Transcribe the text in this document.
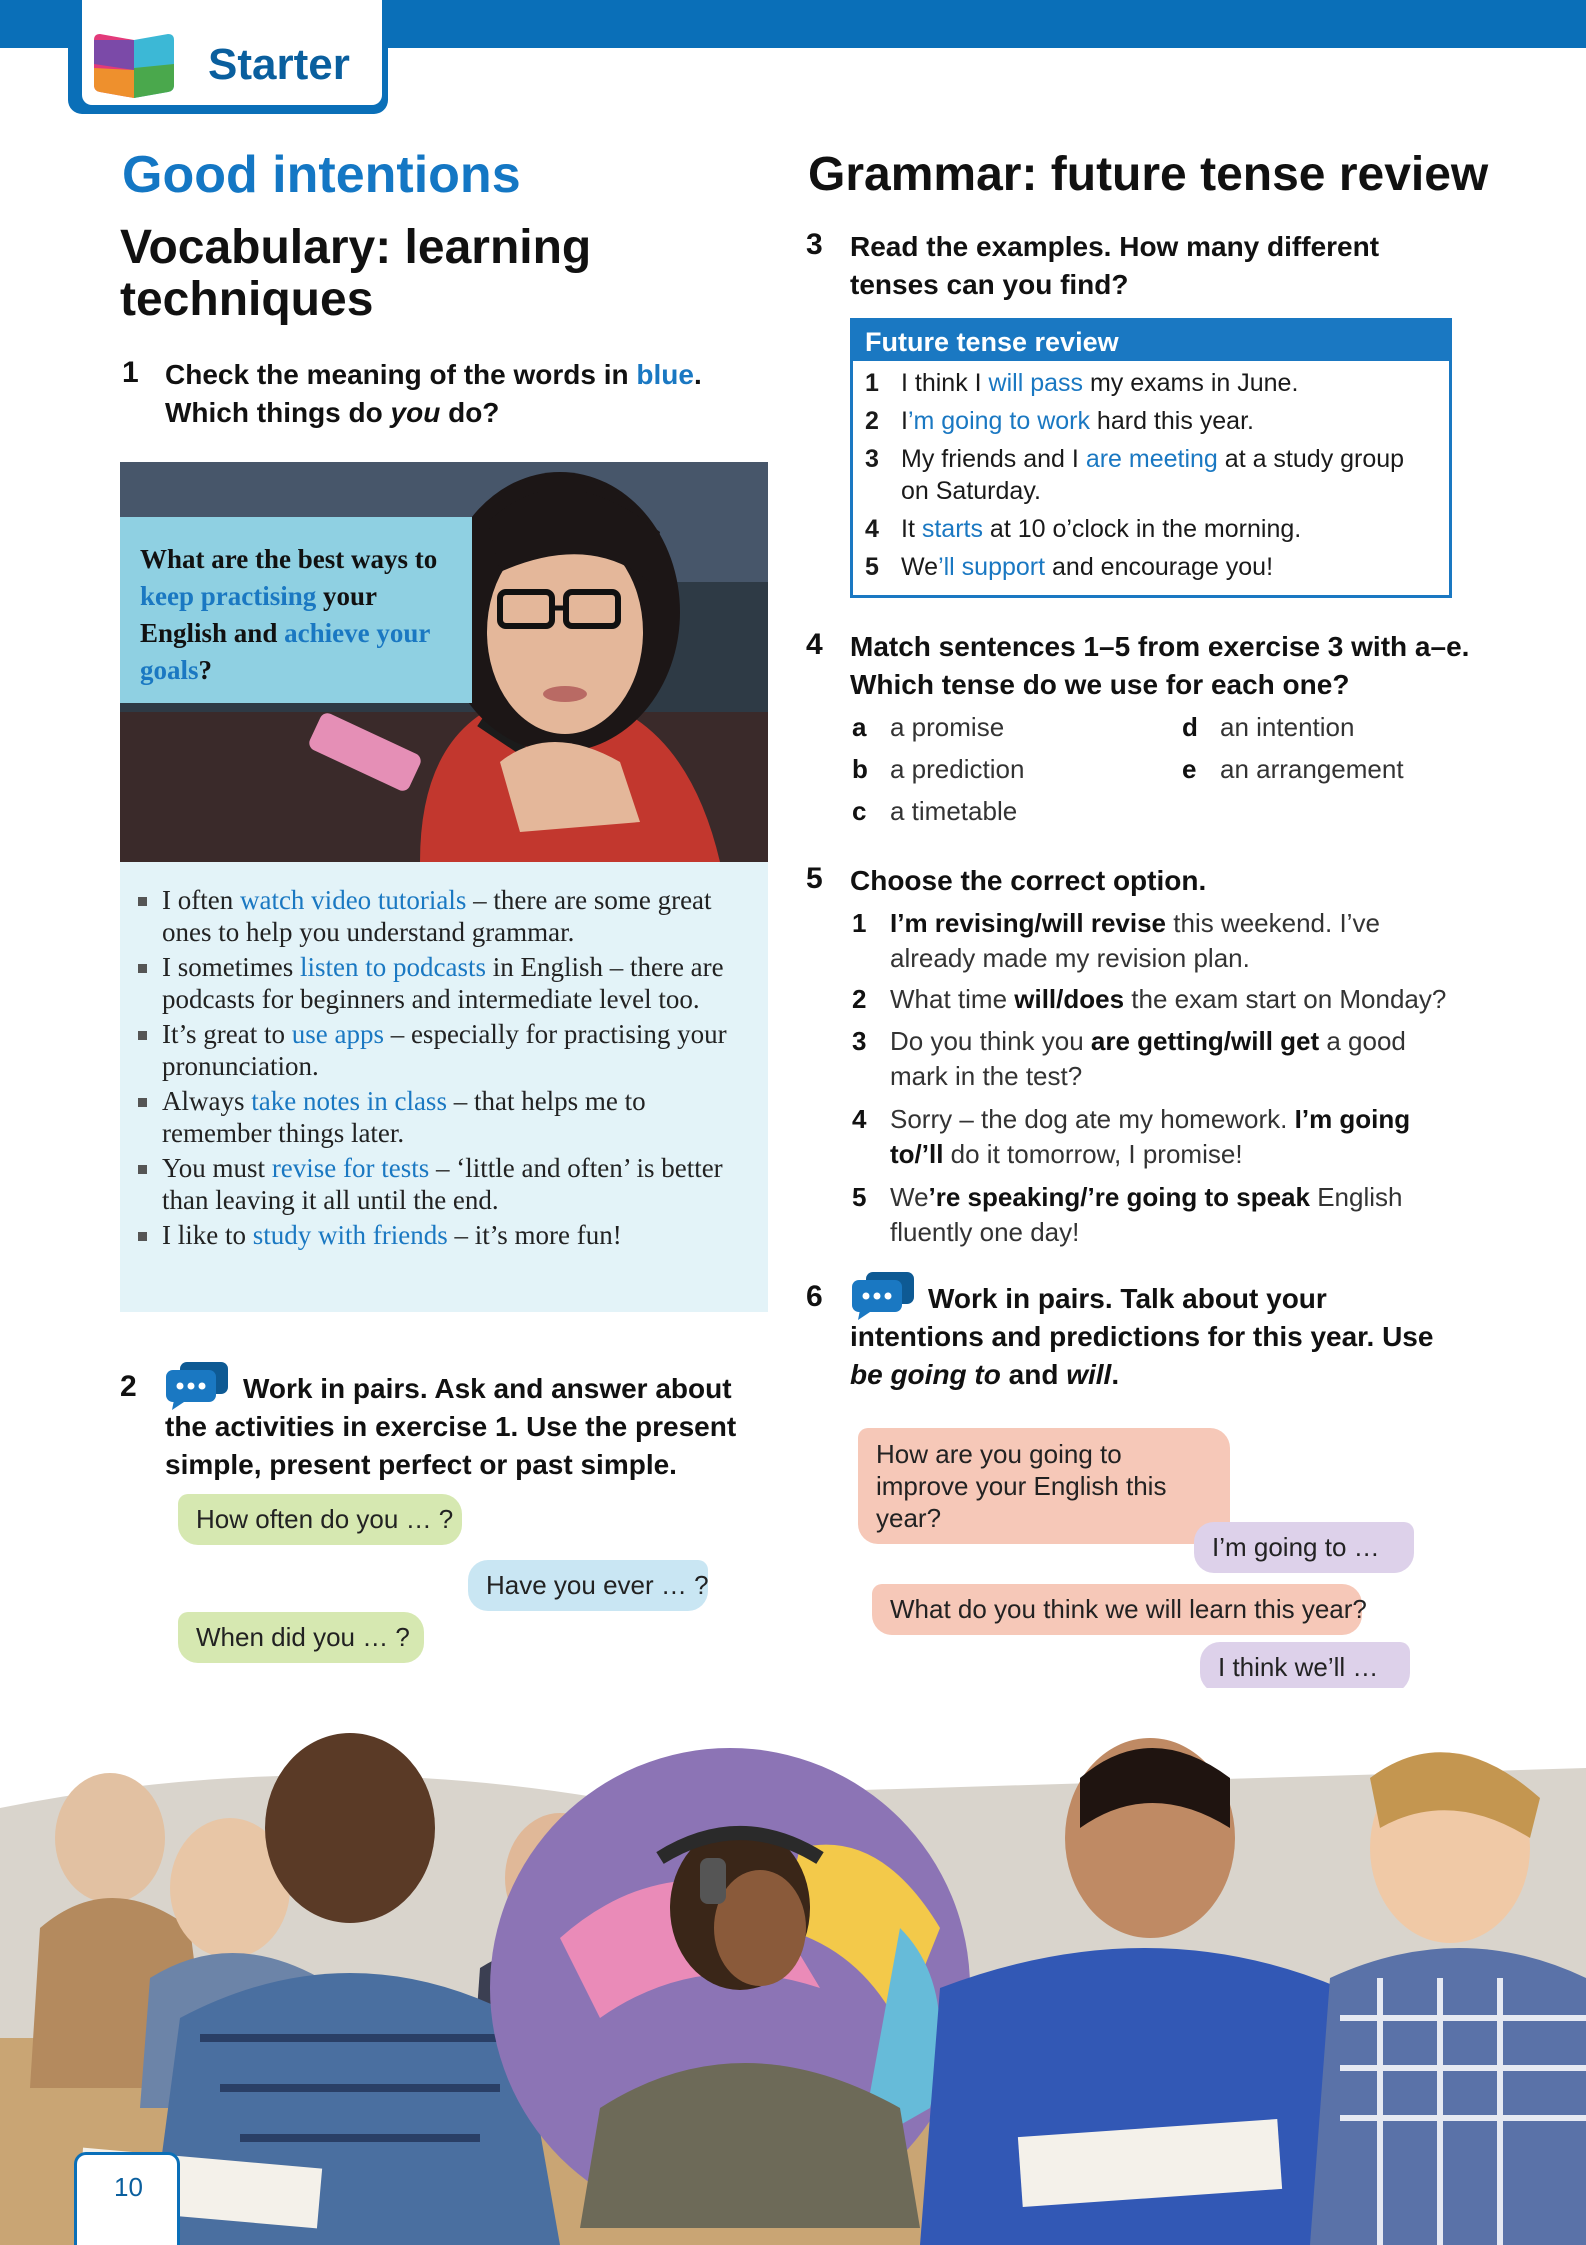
Starter
Good intentions
Vocabulary: learning techniques
1 Check the meaning of the words in blue. Which things do you do?
What are the best ways to keep practising your English and achieve your goals?
I often watch video tutorials – there are some great ones to help you understand grammar.
I sometimes listen to podcasts in English – there are podcasts for beginners and intermediate level too.
It’s great to use apps – especially for practising your pronunciation.
Always take notes in class – that helps me to remember things later.
You must revise for tests – ‘little and often’ is better than leaving it all until the end.
I like to study with friends – it’s more fun!
2	Work in pairs. Ask and answer about the activities in exercise 1. Use the present simple, present perfect or past simple.
How often do you … ?
Have you ever … ?
When did you … ?
Grammar: future tense review
3 Read the examples. How many different tenses can you find?
Future tense review
1 I think I will pass my exams in June.
2 I’m going to work hard this year.
3 My friends and I are meeting at a study group on Saturday.
4 It starts at 10 o’clock in the morning.
5 We’ll support and encourage you!
4 Match sentences 1–5 from exercise 3 with a–e. Which tense do we use for each one?
a a promise
b a prediction
c a timetable
d an intention
e an arrangement
5 Choose the correct option.
1 I’m revising/will revise this weekend. I’ve already made my revision plan.
2 What time will/does the exam start on Monday?
3 Do you think you are getting/will get a good mark in the test?
4 Sorry – the dog ate my homework. I’m going to/’ll do it tomorrow, I promise!
5 We’re speaking/’re going to speak English fluently one day!
6	Work in pairs. Talk about your intentions and predictions for this year. Use be going to and will.
How are you going to improve your English this year?
I’m going to …
What do you think we will learn this year?
I think we’ll …
10
